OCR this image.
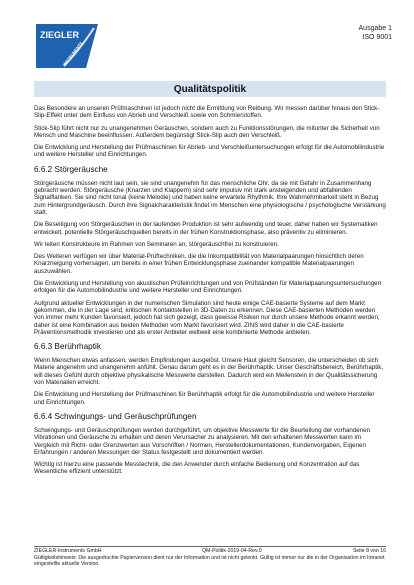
ZIEGLER
INSTRUMENTS
Ausgabe 1
ISO 9001
Qualitätspolitik

Das Besondere an unseren Prüfmaschinen ist jedoch nicht die Ermittlung von Reibung. Wir messen darüber hinaus den Stick-Slip-Effekt unter dem Einfluss von Abrieb und Verschleiß sowie von Schmierstoffen.

Stick-Slip führt nicht nur zu unangenehmen Geräuschen, sondern auch zu Funktionsstörungen, die mitunter die Sicherheit von Mensch und Maschine beeinflussen. Außerdem begünstigt Stick-Slip auch den Verschleiß.

Die Entwicklung und Herstellung der Prüfmaschinen für Abrieb- und Verschleißuntersuchungen erfolgt für die Automobilindustrie und weitere Hersteller und Einrichtungen.

6.6.2 Störgeräusche

Störgeräusche müssen nicht laut sein, sie sind unangenehm für das menschliche Ohr, da sie mit Gefahr in Zusammenhang gebracht werden. Störgeräusche (Knarzen und Klappern) sind sehr impulsiv mit stark ansteigenden und abfallenden Signalflanken. Sie sind nicht tonal (keine Melodie) und haben keine erwartete Rhythmik. Ihre Wahrnehmbarkeit steht in Bezug zum Hintergrundgeräusch. Durch ihre Signalcharakteristik findet im Menschen eine physiologische / psychologische Verstärkung statt.

Die Beseitigung von Störgeräuschen in der laufenden Produktion ist sehr aufwendig und teuer, daher haben wir Systematiken entwickelt, potentielle Störgeräuschquellen bereits in der frühen Konstruktionsphase, also präventiv zu eliminieren.

Wir leiten Konstrukteure im Rahmen von Seminaren an, störgeräuschfrei zu konstruieren.

Des Weiteren verfügen wir über Material-Prüftechniken, die die Inkompatibilität von Materialpaarungen hinsichtlich deren Knarzneigung vorhersagen, um bereits in einer frühen Entwicklungsphase zueinander kompatible Materialpaarungen auszuwählen.

Die Entwicklung und Herstellung von akustischen Prüfeinrichtungen und von Prüfständen für Materialpaarungsuntersuchungen erfolgen für die Automobilindustrie und weitere Hersteller und Einrichtungen.

Aufgrund aktueller Entwicklungen in der numerischen Simulation sind heute einige CAE-basierte Systeme auf dem Markt gekommen, die in der Lage sind, kritischen Kontaktstellen in 3D-Daten zu erkennen. Diese CAE-basierten Methoden werden von immer mehr Kunden favorisiert, jedoch hat sich gezeigt, dass gewisse Risiken nur durch unsere Methode erkannt werden, daher ist eine Kombination aus beiden Methoden vom Markt favorisiert wird. ZINS wird daher in die CAE-basierte Präventionsmethodik investieren und als erster Anbieter weltweit eine kombinierte Methode anbieten.

6.6.3 Berührhaptik

Wenn Menschen etwas anfassen, werden Empfindungen ausgelöst. Unsere Haut gleicht Sensoren, die unterscheiden ob sich Materie angenehm und unangenehm anfühlt. Genau darum geht es in der Berührhaptik. Unser Geschäftsbereich, Berührhaptik, will dieses Gefühl durch objektive physikalische Messwerte darstellen. Dadurch wird ein Meilenstein in der Qualitätssicherung von Materialien erreicht.

Die Entwicklung und Herstellung der Prüfmaschinen für Berührhaptik erfolgt für die Automobilindustrie und weitere Hersteller und Einrichtungen.

6.6.4 Schwingungs- und Geräuschprüfungen

Schwingungs- und Geräuschprüfungen werden durchgeführt, um objektive Messwerte für die Beurteilung der vorhandenen Vibrationen und Geräusche zu erhalten und deren Verursacher zu analysieren. Mit den erhaltenen Messwerten kann im Vergleich mit Richt- oder Grenzwerten aus Vorschriften / Normen, Herstellerdokumentationen, Kundenvorgaben, Eigenen Erfahrungen / anderen Messungen der Status festgestellt und dokumentiert werden.

Wichtig ist hierzu eine passende Messtechnik, die den Anwender durch einfache Bedienung und Konzentration auf das Wesentliche effizient unterstützt.

ZIEGLER-Instruments GmbH	QM-Politik-2019-04-Rev.0	Seite 8 von 16
Gültigkeitshinweis: Die ausgedruckte Papierversion dient nur der Information und ist nicht gelenkt. Gültig ist immer nur die in der Organisation im Intranet eingestellte aktuelle Version.
